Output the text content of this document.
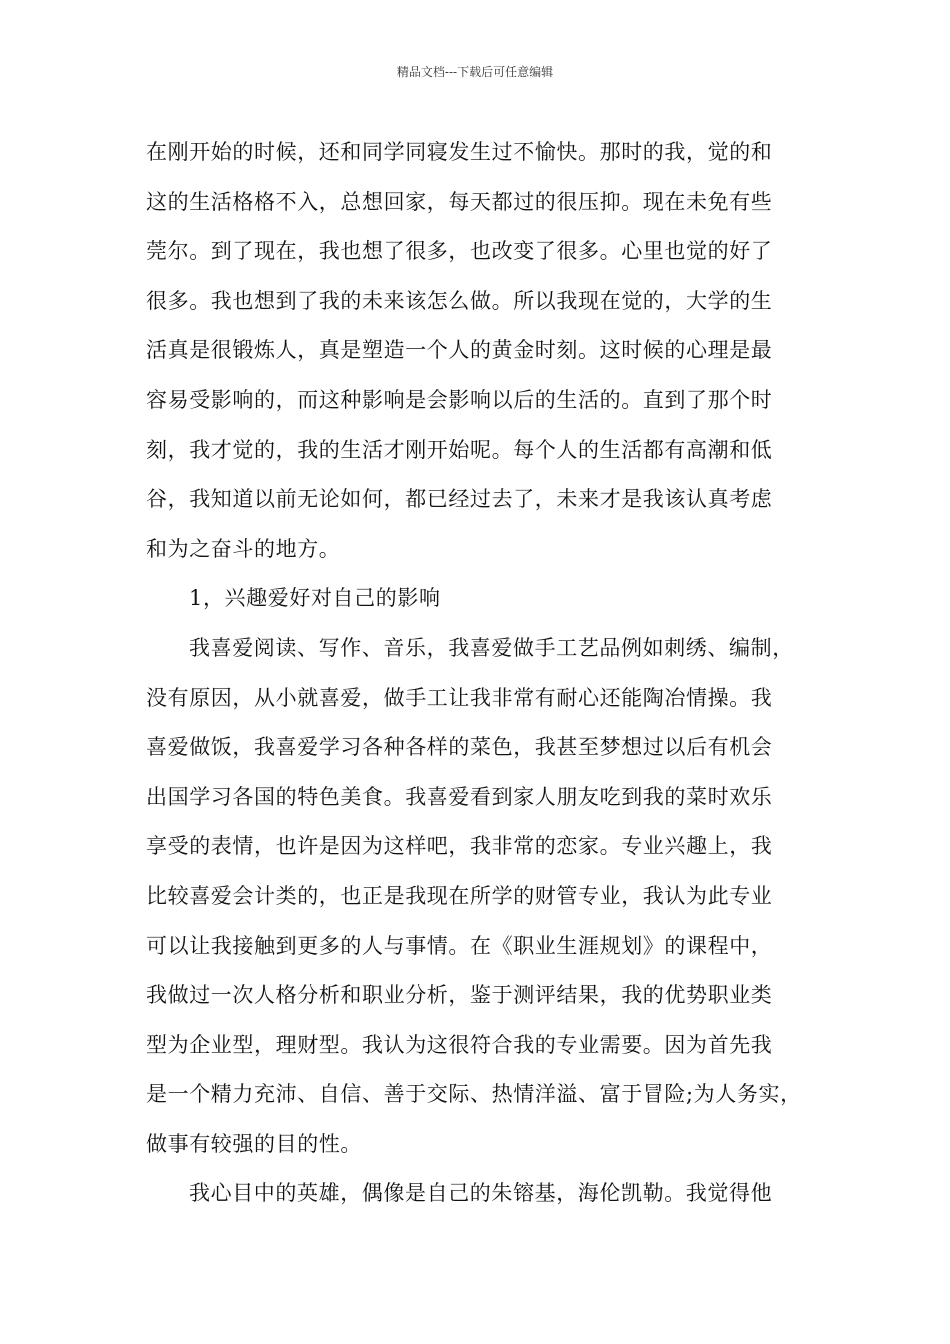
精品文档---下载后可任意编辑
在刚开始的时候，还和同学同寝发生过不愉快。那时的我，觉的和
这的生活格格不入，总想回家，每天都过的很压抑。现在未免有些
莞尔。到了现在，我也想了很多，也改变了很多。心里也觉的好了
很多。我也想到了我的未来该怎么做。所以我现在觉的，大学的生
活真是很锻炼人，真是塑造一个人的黄金时刻。这时候的心理是最
容易受影响的，而这种影响是会影响以后的生活的。直到了那个时
刻，我才觉的，我的生活才刚开始呢。每个人的生活都有高潮和低
谷，我知道以前无论如何，都已经过去了，未来才是我该认真考虑
和为之奋斗的地方。
1，兴趣爱好对自己的影响
我喜爱阅读、写作、音乐，我喜爱做手工艺品例如刺绣、编制，
没有原因，从小就喜爱，做手工让我非常有耐心还能陶冶情操。我
喜爱做饭，我喜爱学习各种各样的菜色，我甚至梦想过以后有机会
出国学习各国的特色美食。我喜爱看到家人朋友吃到我的菜时欢乐
享受的表情，也许是因为这样吧，我非常的恋家。专业兴趣上，我
比较喜爱会计类的，也正是我现在所学的财管专业，我认为此专业
可以让我接触到更多的人与事情。在《职业生涯规划》的课程中，
我做过一次人格分析和职业分析，鉴于测评结果，我的优势职业类
型为企业型，理财型。我认为这很符合我的专业需要。因为首先我
是一个精力充沛、自信、善于交际、热情洋溢、富于冒险;为人务实，
做事有较强的目的性。
我心目中的英雄，偶像是自己的朱镕基，海伦凯勒。我觉得他
